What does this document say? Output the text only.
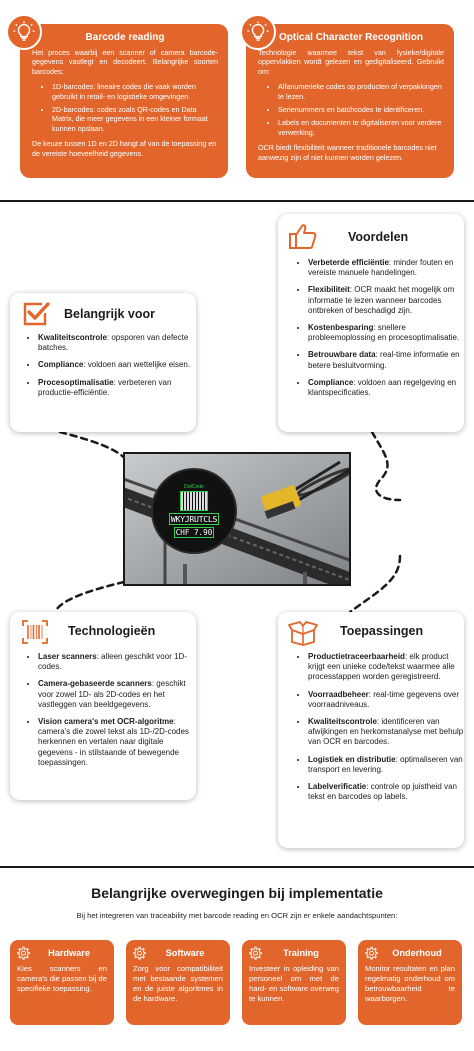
Barcode reading

Het proces waarbij een scanner of camera barcode-gegevens vastlegt en decodeert. Belangrijke soorten barcodes:

• 1D-barcodes: lineaire codes die vaak worden gebruikt in retail- en logistieke omgevingen.
• 2D-barcodes: codes zoals QR-codes en Data Matrix, die meer gegevens in een kleiner formaat kunnen opslaan.

De keuze tussen 1D en 2D hangt af van de toepassing en de vereiste hoeveelheid gegevens.

Optical Character Recognition

Technologie waarmee tekst van fysieke/digitale oppervlakken wordt gelezen en gedigitaliseerd. Gebruikt om:

• Alfanumerieke codes op producten of verpakkingen te lezen.
• Serienummers en batchcodes te identificeren.
• Labels en documenten te digitaliseren voor verdere verwerking.

OCR biedt flexibiliteit wanneer traditionele barcodes niet aanwezig zijn of niet kunnen worden gelezen.

Voordelen
• Verbeterde efficiëntie: minder fouten en vereiste manuele handelingen.
• Flexibiliteit: OCR maakt het mogelijk om informatie te lezen wanneer barcodes ontbreken of beschadigd zijn.
• Kostenbesparing: snellere probleemoplossing en procesoptimalisatie.
• Betrouwbare data: real-time informatie en betere besluitvorming.
• Compliance: voldoen aan regelgeving en klantspecificaties.
Belangrijk voor
• Kwaliteitscontrole: opsporen van defecte batches.
• Compliance: voldoen aan wettelijke eisen.
• Procesoptimalisatie: verbeteren van productie-efficiëntie.
DotCode
WKYJRUTCLS
CHF 7.90
Technologieën
• Laser scanners: alleen geschikt voor 1D-codes.
• Camera-gebaseerde scanners: geschikt voor zowel 1D- als 2D-codes en het vastleggen van beeldgegevens.
• Vision camera's met OCR-algoritme: camera's die zowel tekst als 1D-/2D-codes herkennen en vertalen naar digitale gegevens - in stilstaande of bewegende toepassingen.
Toepassingen
• Productietraceerbaarheid: elk product krijgt een unieke code/tekst waarmee alle processtappen worden geregistreerd.
• Voorraadbeheer: real-time gegevens over voorraadniveaus.
• Kwaliteitscontrole: identificeren van afwijkingen en herkomstanalyse met behulp van OCR en barcodes.
• Logistiek en distributie: optimaliseren van transport en levering.
• Labelverificatie: controle op juistheid van tekst en barcodes op labels.
Belangrijke overwegingen bij implementatie
Bij het integreren van traceability met barcode reading en OCR zijn er enkele aandachtspunten:
Hardware
Kies scanners en camera's die passen bij de specifieke toepassing.
Software
Zorg voor compatibiliteit met bestaande systemen en de juiste algoritmes in de hardware.
Training
Investeer in opleiding van personeel om met de hard- en software overweg te kunnen.
Onderhoud
Monitor resultaten en plan regelmatig onderhoud om betrouwbaarheid te waarborgen.
